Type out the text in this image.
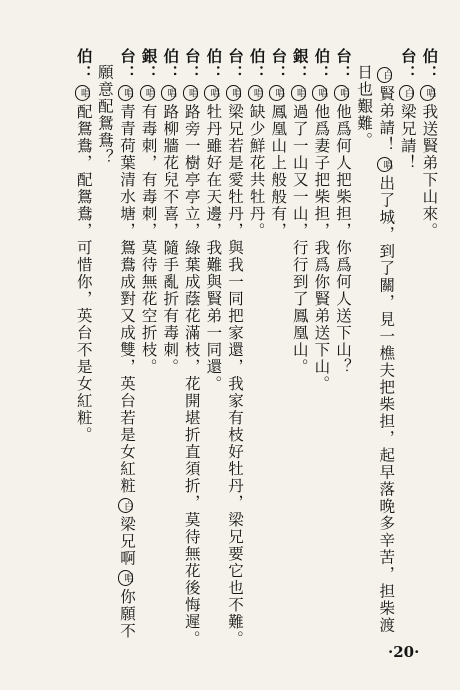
伯：唱我送賢弟下山來。
台：白梁兄請！
白賢弟請！唱出了城，到了關，見一樵夫把柴担，起早落晚多辛苦，担柴渡
日也艱難。
台：唱他爲何人把柴担，你爲何人送下山？
伯：唱他爲妻子把柴担，我爲你賢弟送下山。
銀：唱過了一山又一山，行行到了鳳凰山。
台：唱鳳凰山上般般有，
伯：唱缺少鮮花共牡丹。
台：唱梁兄若是愛牡丹，與我一同把家還，我家有枝好牡丹，梁兄要它也不難。
伯：唱牡丹雖好在天邊，我難與賢弟一同還。
台：唱路旁一樹亭亭立，綠葉成蔭花滿枝，花開堪折直須折，莫待無花後悔遲。
伯：唱路柳牆花兒不喜，隨手亂折有毒刺。
銀：唱有毒刺，有毒刺，莫待無花空折枝。
台：唱青青荷葉清水塘，鴛鴦成對又成雙，英台若是女紅粧白梁兄啊唱你願不
願意配鴛鴦？
伯：唱配鴛鴦，配鴛鴦，可惜你，英台不是女紅粧。
·20·
